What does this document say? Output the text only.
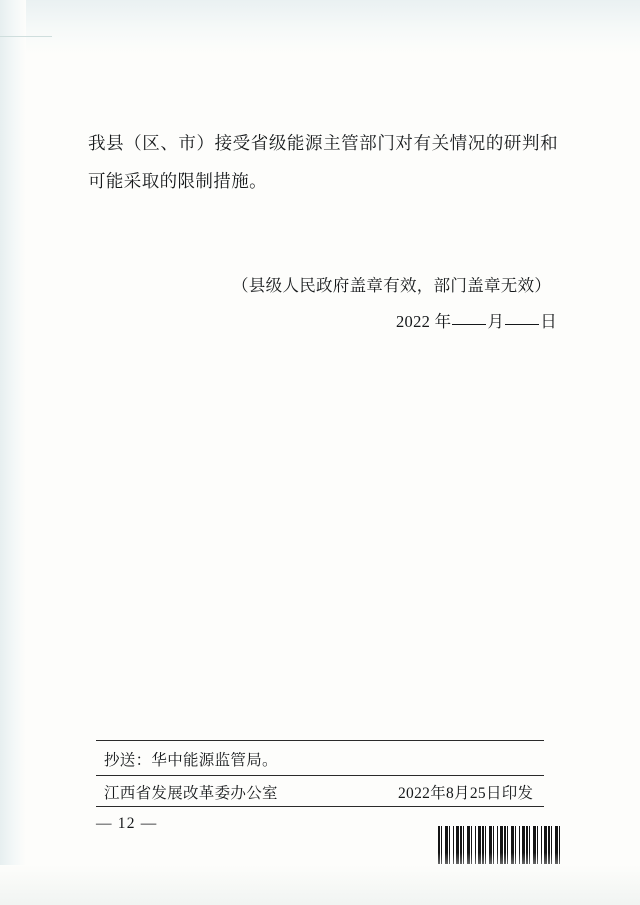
我县（区、市）接受省级能源主管部门对有关情况的研判和可能采取的限制措施。

（县级人民政府盖章有效，部门盖章无效）
2022 年 月 日
抄送：华中能源监管局。
江西省发展改革委办公室	2022年8月25日印发
— 12 —
